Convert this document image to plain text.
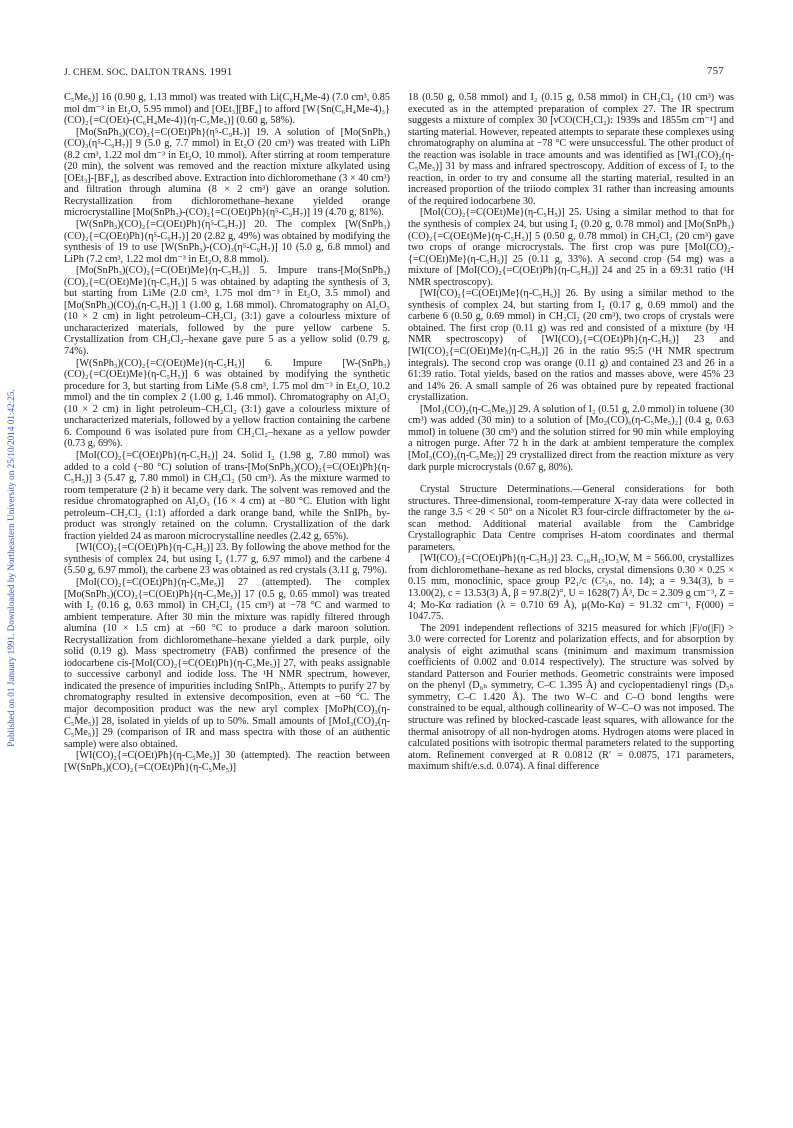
J. CHEM. SOC. DALTON TRANS. 1991	757
Published on 01 January 1991. Downloaded by Northeastern University on 25/10/2014 01:42:25.

C₅Me₅)] 16 (0.90 g, 1.13 mmol) was treated with Li(C₆H₄Me-4) (7.0 cm³, 0.85 mol dm⁻³ in Et₂O, 5.95 mmol) and [OEt₃][BF₄] to afford [W{Sn(C₆H₄Me-4)₃}(CO)₂{=C(OEt)-(C₆H₄Me-4)}(η-C₅Me₅)] (0.60 g, 58%).

[Mo(SnPh₃)(CO)₂{=C(OEt)Ph}(η⁵-C₉H₇)] 19. A solution of [Mo(SnPh₃)(CO)₃(η⁵-C₉H₇)] 9 (5.0 g, 7.7 mmol) in Et₂O (20 cm³) was treated with LiPh (8.2 cm³, 1.22 mol dm⁻³ in Et₂O, 10 mmol). After stirring at room temperature (20 min), the solvent was removed and the reaction mixture alkylated using [OEt₃]-[BF₄], as described above. Extraction into dichloromethane (3 × 40 cm³) and filtration through alumina (8 × 2 cm³) gave an orange solution. Recrystallization from dichloromethane–hexane yielded orange microcrystalline [Mo(SnPh₃)-(CO)₂{=C(OEt)Ph}(η⁵-C₉H₇)] 19 (4.70 g, 81%).

[W(SnPh₃)(CO)₂{=C(OEt)Ph}(η⁵-C₉H₇)] 20. The complex [W(SnPh₃)(CO)₂{=C(OEt)Ph}(η⁵-C₉H₇)] 20 (2.82 g, 49%) was obtained by modifying the synthesis of 19 to use [W(SnPh₃)-(CO)₃(η⁵-C₉H₇)] 10 (5.0 g, 6.8 mmol) and LiPh (7.2 cm³, 1.22 mol dm⁻³ in Et₂O, 8.8 mmol).

[Mo(SnPh₃)(CO)₂{=C(OEt)Me}(η-C₅H₅)] 5. Impure trans-[Mo(SnPh₃)(CO)₂{=C(OEt)Me}(η-C₅H₅)] 5 was obtained by adapting the synthesis of 3, but starting from LiMe (2.0 cm³, 1.75 mol dm⁻³ in Et₂O, 3.5 mmol) and [Mo(SnPh₃)(CO)₃(η-C₅H₅)] 1 (1.00 g, 1.68 mmol). Chromatography on Al₂O₃ (10 × 2 cm) in light petroleum–CH₂Cl₂ (3:1) gave a colourless mixture of uncharacterized materials, followed by the pure yellow carbene 5. Crystallization from CH₂Cl₂–hexane gave pure 5 as a yellow solid (0.79 g, 74%).

[W(SnPh₃)(CO)₂{=C(OEt)Me}(η-C₅H₅)] 6. Impure [W-(SnPh₃)(CO)₂{=C(OEt)Me}(η-C₅H₅)] 6 was obtained by modifying the synthetic procedure for 3, but starting from LiMe (5.8 cm³, 1.75 mol dm⁻³ in Et₂O, 10.2 mmol) and the tin complex 2 (1.00 g, 1.46 mmol). Chromatography on Al₂O₃ (10 × 2 cm) in light petroleum–CH₂Cl₂ (3:1) gave a colourless mixture of uncharacterized materials, followed by a yellow fraction containing the carbene 6. Compound 6 was isolated pure from CH₂Cl₂–hexane as a yellow powder (0.73 g, 69%).

[MoI(CO)₂{=C(OEt)Ph}(η-C₅H₅)] 24. Solid I₂ (1.98 g, 7.80 mmol) was added to a cold (−80 °C) solution of trans-[Mo(SnPh₃)(CO)₂{=C(OEt)Ph}(η-C₅H₅)] 3 (5.47 g, 7.80 mmol) in CH₂Cl₂ (50 cm³). As the mixture warmed to room temperature (2 h) it became very dark. The solvent was removed and the residue chromatographed on Al₂O₃ (16 × 4 cm) at −80 °C. Elution with light petroleum–CH₂Cl₂ (1:1) afforded a dark orange band, while the SnIPh₃ by-product was strongly retained on the column. Crystallization of the dark fraction yielded 24 as maroon microcrystalline needles (2.42 g, 65%).

[WI(CO)₂{=C(OEt)Ph}(η-C₅H₅)] 23. By following the above method for the synthesis of complex 24, but using I₂ (1.77 g, 6.97 mmol) and the carbene 4 (5.50 g, 6.97 mmol), the carbene 23 was obtained as red crystals (3.11 g, 79%).

[MoI(CO)₂{=C(OEt)Ph}(η-C₅Me₅)] 27 (attempted). The complex [Mo(SnPh₃)(CO)₂{=C(OEt)Ph}(η-C₅Me₅)] 17 (0.5 g, 0.65 mmol) was treated with I₂ (0.16 g, 0.63 mmol) in CH₂Cl₂ (15 cm³) at −78 °C and warmed to ambient temperature. After 30 min the mixture was rapidly filtered through alumina (10 × 1.5 cm) at −60 °C to produce a dark maroon solution. Recrystallization from dichloromethane–hexane yielded a dark purple, oily solid (0.19 g). Mass spectrometry (FAB) confirmed the presence of the iodocarbene cis-[MoI(CO)₂{=C(OEt)Ph}(η-C₅Me₅)] 27, with peaks assignable to successive carbonyl and iodide loss. The ¹H NMR spectrum, however, indicated the presence of impurities including SnIPh₃. Attempts to purify 27 by chromatography resulted in extensive decomposition, even at −60 °C. The major decomposition product was the new aryl complex [MoPh(CO)₃(η-C₅Me₅)] 28, isolated in yields of up to 50%. Small amounts of [MoI₃(CO)₂(η-C₅Me₅)] 29 (comparison of IR and mass spectra with those of an authentic sample) were also obtained.

[WI(CO)₂{=C(OEt)Ph}(η-C₅Me₅)] 30 (attempted). The reaction between [W(SnPh₃)(CO)₂{=C(OEt)Ph}(η-C₅Me₅)]

18 (0.50 g, 0.58 mmol) and I₂ (0.15 g, 0.58 mmol) in CH₂Cl₂ (10 cm³) was executed as in the attempted preparation of complex 27. The IR spectrum suggests a mixture of complex 30 [νCO(CH₂Cl₂): 1939s and 1855m cm⁻¹] and starting material. However, repeated attempts to separate these complexes using chromatography on alumina at −78 °C were unsuccessful. The other product of the reaction was isolable in trace amounts and was identified as [WI₃(CO)₂(η-C₅Me₅)] 31 by mass and infrared spectroscopy. Addition of excess of I₂ to the reaction, in order to try and consume all the starting material, resulted in an increased proportion of the triiodo complex 31 rather than increasing amounts of the required iodocarbene 30.

[MoI(CO)₂{=C(OEt)Me}(η-C₅H₅)] 25. Using a similar method to that for the synthesis of complex 24, but using I₂ (0.20 g, 0.78 mmol) and [Mo(SnPh₃)(CO)₂{=C(OEt)Me}(η-C₅H₅)] 5 (0.50 g, 0.78 mmol) in CH₂Cl₂ (20 cm³) gave two crops of orange microcrystals. The first crop was pure [MoI(CO)₂-{=C(OEt)Me}(η-C₅H₅)] 25 (0.11 g, 33%). A second crop (54 mg) was a mixture of [MoI(CO)₂{=C(OEt)Ph}(η-C₅H₅)] 24 and 25 in a 69:31 ratio (¹H NMR spectroscopy).

[WI(CO)₂{=C(OEt)Me}(η-C₅H₅)] 26. By using a similar method to the synthesis of complex 24, but starting from I₂ (0.17 g, 0.69 mmol) and the carbene 6 (0.50 g, 0.69 mmol) in CH₂Cl₂ (20 cm³), two crops of crystals were obtained. The first crop (0.11 g) was red and consisted of a mixture (by ¹H NMR spectroscopy) of [WI(CO)₂{=C(OEt)Ph}(η-C₅H₅)] 23 and [WI(CO)₂{=C(OEt)Me}(η-C₅H₅)] 26 in the ratio 95:5 (¹H NMR spectrum integrals). The second crop was orange (0.11 g) and contained 23 and 26 in a 61:39 ratio. Total yields, based on the ratios and masses above, were 45% 23 and 14% 26. A small sample of 26 was obtained pure by repeated fractional crystallization.

[MoI₃(CO)₂(η-C₅Me₅)] 29. A solution of I₂ (0.51 g, 2.0 mmol) in toluene (30 cm³) was added (30 min) to a solution of [Mo₂(CO)₆(η-C₅Me₅)₂] (0.4 g, 0.63 mmol) in toluene (30 cm³) and the solution stirred for 90 min while employing a nitrogen purge. After 72 h in the dark at ambient temperature the complex [MoI₃(CO)₂(η-C₅Me₅)] 29 crystallized direct from the reaction mixture as very dark purple microcrystals (0.67 g, 80%).

Crystal Structure Determinations.—General considerations for both structures. Three-dimensional, room-temperature X-ray data were collected in the range 3.5 < 2θ < 50° on a Nicolet R3 four-circle diffractometer by the ω-scan method. Additional material available from the Cambridge Crystallographic Data Centre comprises H-atom coordinates and thermal parameters.

[WI(CO)₂{=C(OEt)Ph}(η-C₅H₅)] 23. C₁₆H₁₅IO₃W, M = 566.00, crystallizes from dichloromethane–hexane as red blocks, crystal dimensions 0.30 × 0.25 × 0.15 mm, monoclinic, space group P2₁/c (C²₅ₕ, no. 14); a = 9.34(3), b = 13.00(2), c = 13.53(3) Å, β = 97.8(2)°, U = 1628(7) Å³, Dc = 2.309 g cm⁻³, Z = 4; Mo-Kα radiation (λ = 0.710 69 Å), μ(Mo-Kα) = 91.32 cm⁻¹, F(000) = 1047.75.

The 2091 independent reflections of 3215 measured for which |F|/σ(|F|) > 3.0 were corrected for Lorentz and polarization effects, and for absorption by analysis of eight azimuthal scans (minimum and maximum transmission coefficients of 0.002 and 0.014 respectively). The structure was solved by standard Patterson and Fourier methods. Geometric constraints were imposed on the phenyl (D₆ₕ symmetry, C–C 1.395 Å) and cyclopentadienyl rings (D₅ₕ symmetry, C–C 1.420 Å). The two W–C and C–O bond lengths were constrained to be equal, although collinearity of W–C–O was not imposed. The structure was refined by blocked-cascade least squares, with allowance for the thermal anisotropy of all non-hydrogen atoms. Hydrogen atoms were placed in calculated positions with isotropic thermal parameters related to the supporting atom. Refinement converged at R 0.0812 (R′ = 0.0875, 171 parameters, maximum shift/e.s.d. 0.074). A final difference
